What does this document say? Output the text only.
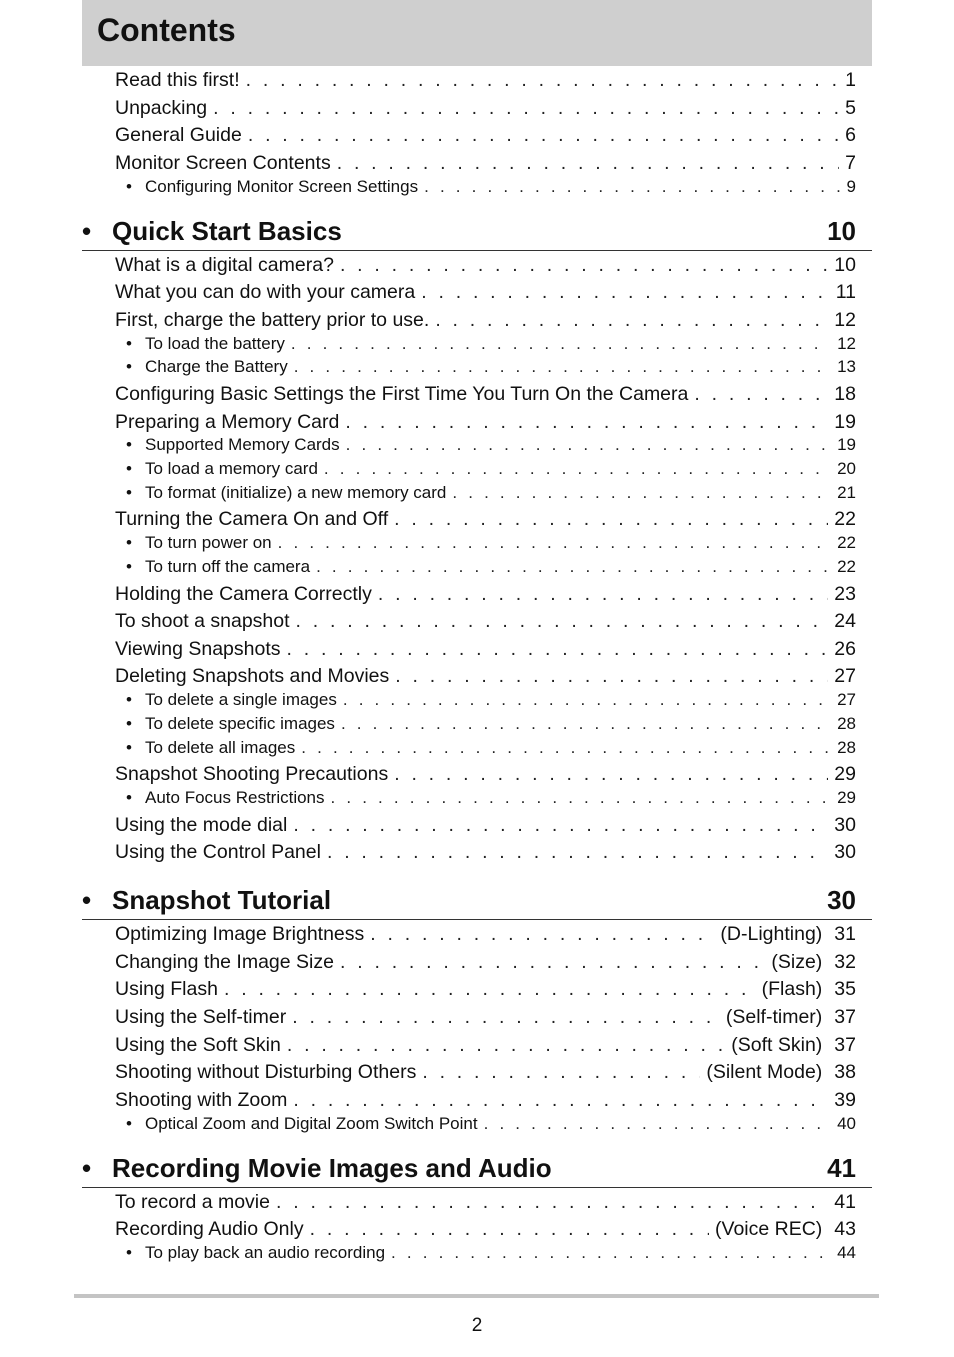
Contents
Read this first! . . .	1
Unpacking . . .	5
General Guide . . .	6
Monitor Screen Contents . . .	7
• Configuring Monitor Screen Settings . . .	9
• Quick Start Basics	10
What is a digital camera? . . .	10
What you can do with your camera . . .	11
First, charge the battery prior to use. . . .	12
• To load the battery . . .	12
• Charge the Battery . . .	13
Configuring Basic Settings the First Time You Turn On the Camera . . .	18
Preparing a Memory Card . . .	19
• Supported Memory Cards . . .	19
• To load a memory card . . .	20
• To format (initialize) a new memory card . . .	21
Turning the Camera On and Off . . .	22
• To turn power on . . .	22
• To turn off the camera . . .	22
Holding the Camera Correctly . . .	23
To shoot a snapshot . . .	24
Viewing Snapshots . . .	26
Deleting Snapshots and Movies . . .	27
• To delete a single images . . .	27
• To delete specific images . . .	28
• To delete all images . . .	28
Snapshot Shooting Precautions . . .	29
• Auto Focus Restrictions . . .	29
Using the mode dial . . .	30
Using the Control Panel . . .	30
• Snapshot Tutorial	30
Optimizing Image Brightness . . .	(D-Lighting) 31
Changing the Image Size . . .	(Size) 32
Using Flash . . .	(Flash) 35
Using the Self-timer . . .	(Self-timer) 37
Using the Soft Skin . . .	(Soft Skin) 37
Shooting without Disturbing Others . . .	(Silent Mode) 38
Shooting with Zoom . . .	39
• Optical Zoom and Digital Zoom Switch Point . . .	40
• Recording Movie Images and Audio	41
To record a movie . . .	41
Recording Audio Only . . .	(Voice REC) 43
• To play back an audio recording . . .	44
2
